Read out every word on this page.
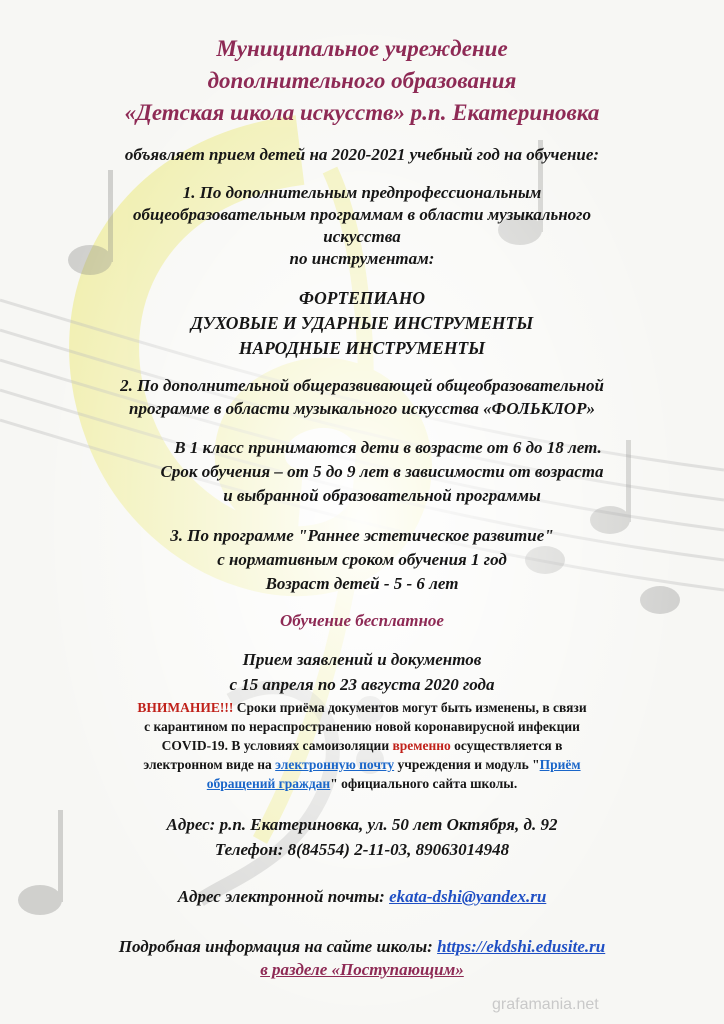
Муниципальное учреждение
дополнительного образования
«Детская школа искусств» р.п. Екатериновка
объявляет прием детей на 2020-2021 учебный год на обучение:
1. По дополнительным предпрофессиональным
общеобразовательным программам в области музыкального
искусства
по инструментам:
ФОРТЕПИАНО
ДУХОВЫЕ И УДАРНЫЕ ИНСТРУМЕНТЫ
НАРОДНЫЕ ИНСТРУМЕНТЫ
2. По дополнительной общеразвивающей общеобразовательной
программе в области музыкального искусства «ФОЛЬКЛОР»
В 1 класс принимаются дети в возрасте от 6 до 18 лет.
Срок обучения – от 5 до 9 лет в зависимости от возраста
и выбранной образовательной программы
3. По программе "Раннее эстетическое развитие"
с нормативным сроком обучения 1 год
Возраст детей - 5 - 6 лет
Обучение бесплатное
Прием заявлений и документов
с 15 апреля по 23 августа 2020 года
ВНИМАНИЕ!!! Сроки приёма документов могут быть изменены, в связи
с карантином по нераспространению новой коронавирусной инфекции
COVID-19. В условиях самоизоляции временно осуществляется в
электронном виде на электронную почту учреждения и модуль "Приём
обращений граждан" официального сайта школы.
Адрес: р.п. Екатериновка, ул. 50 лет Октября, д. 92
Телефон: 8(84554) 2-11-03, 89063014948
Адрес электронной почты: ekata-dshi@yandex.ru
Подробная информация на сайте школы: https://ekdshi.edusite.ru
в разделе «Поступающим»
grafamania.net
